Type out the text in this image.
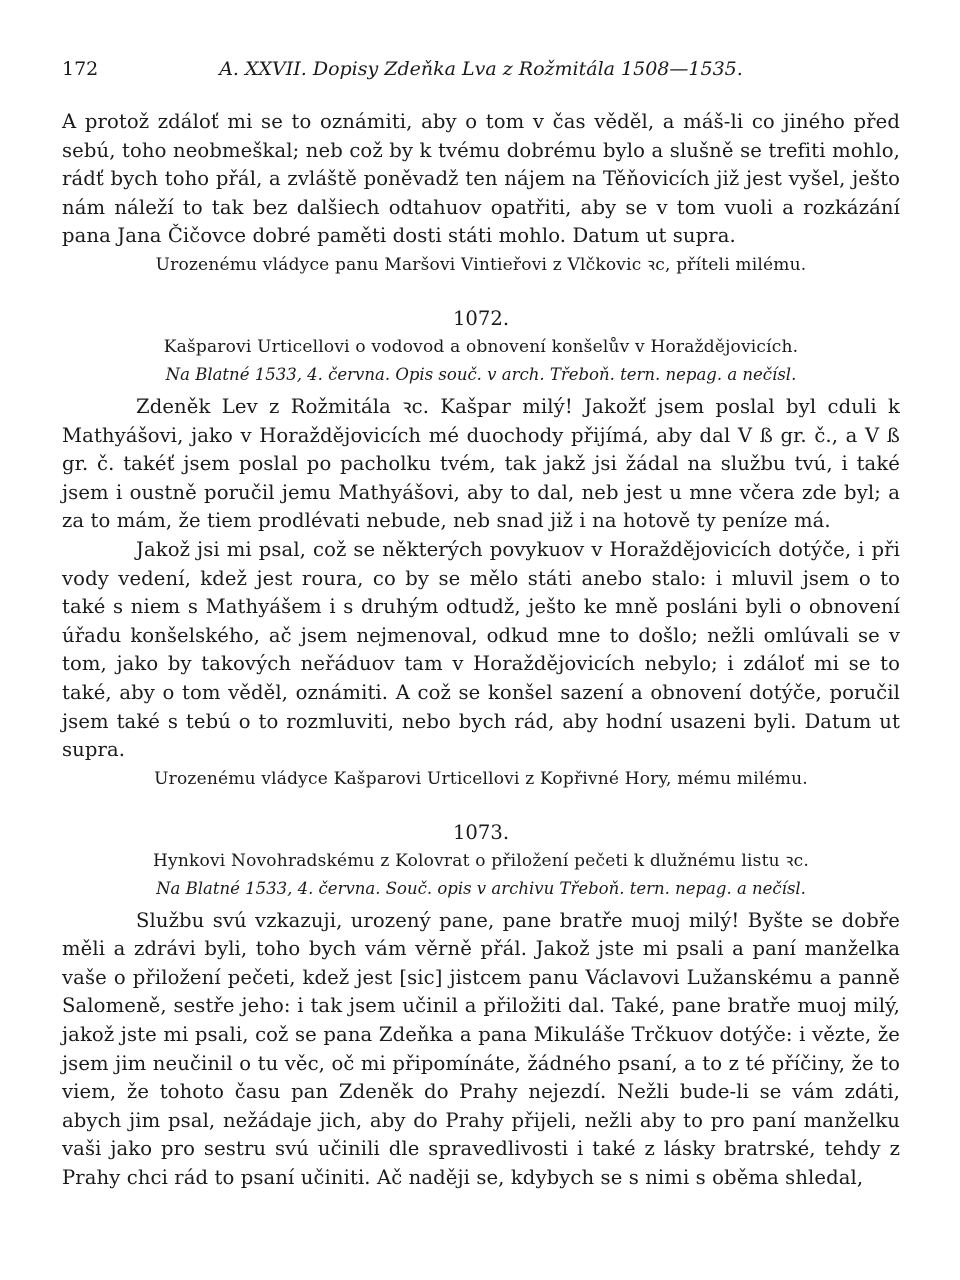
172	A. XXVII. Dopisy Zdeňka Lva z Rožmitála 1508—1535.

A protož zdáloť mi se to oznámiti, aby o tom v čas věděl, a máš-li co jiného před sebú, toho neobmeškal; neb což by k tvému dobrému bylo a slušně se trefiti mohlo, rádť bych toho přál, a zvláště poněvadž ten nájem na Těňovicích již jest vyšel, ješto nám náleží to tak bez dalšiech odtahuov opatřiti, aby se v tom vuoli a rozkázání pana Jana Čičovce dobré paměti dosti státi mohlo. Datum ut supra.

Urozenému vládyce panu Maršovi Vintieřovi z Vlčkovic ꝛc, příteli milému.

1072.

Kašparovi Urticellovi o vodovod a obnovení konšelův v Horaždějovicích.

Na Blatné 1533, 4. června. Opis souč. v arch. Třeboň. tern. nepag. a nečísl.

Zdeněk Lev z Rožmitála ꝛc. Kašpar milý! Jakožť jsem poslal byl cduli k Mathyášovi, jako v Horaždějovicích mé duochody přijímá, aby dal V ß gr. č., a V ß gr. č. takéť jsem poslal po pacholku tvém, tak jakž jsi žádal na službu tvú, i také jsem i oustně poručil jemu Mathyášovi, aby to dal, neb jest u mne včera zde byl; a za to mám, že tiem prodlévati nebude, neb snad již i na hotově ty peníze má.

Jakož jsi mi psal, což se některých povykuov v Horaždějovicích dotýče, i při vody vedení, kdež jest roura, co by se mělo státi anebo stalo: i mluvil jsem o to také s niem s Mathyášem i s druhým odtudž, ješto ke mně posláni byli o obnovení úřadu konšelského, ač jsem nejmenoval, odkud mne to došlo; nežli omlúvali se v tom, jako by takových neřáduov tam v Horaždějovicích nebylo; i zdáloť mi se to také, aby o tom věděl, oznámiti. A což se konšel sazení a obnovení dotýče, poručil jsem také s tebú o to rozmluviti, nebo bych rád, aby hodní usazeni byli. Datum ut supra.

Urozenému vládyce Kašparovi Urticellovi z Kopřivné Hory, mému milému.

1073.

Hynkovi Novohradskému z Kolovrat o přiložení pečeti k dlužnému listu ꝛc.

Na Blatné 1533, 4. června. Souč. opis v archivu Třeboň. tern. nepag. a nečísl.

Službu svú vzkazuji, urozený pane, pane bratře muoj milý! Byšte se dobře měli a zdrávi byli, toho bych vám věrně přál. Jakož jste mi psali a paní manželka vaše o přiložení pečeti, kdež jest [sic] jistcem panu Václavovi Lužanskému a panně Salomeně, sestře jeho: i tak jsem učinil a přiložiti dal. Také, pane bratře muoj milý, jakož jste mi psali, což se pana Zdeňka a pana Mikuláše Trčkuov dotýče: i vězte, že jsem jim neučinil o tu věc, oč mi připomínáte, žádného psaní, a to z té příčiny, že to viem, že tohoto času pan Zdeněk do Prahy nejezdí. Nežli bude-li se vám zdáti, abych jim psal, nežádaje jich, aby do Prahy přijeli, nežli aby to pro paní manželku vaši jako pro sestru svú učinili dle spravedlivosti i také z lásky bratrské, tehdy z Prahy chci rád to psaní učiniti. Ač naději se, kdybych se s nimi s oběma shledal,
